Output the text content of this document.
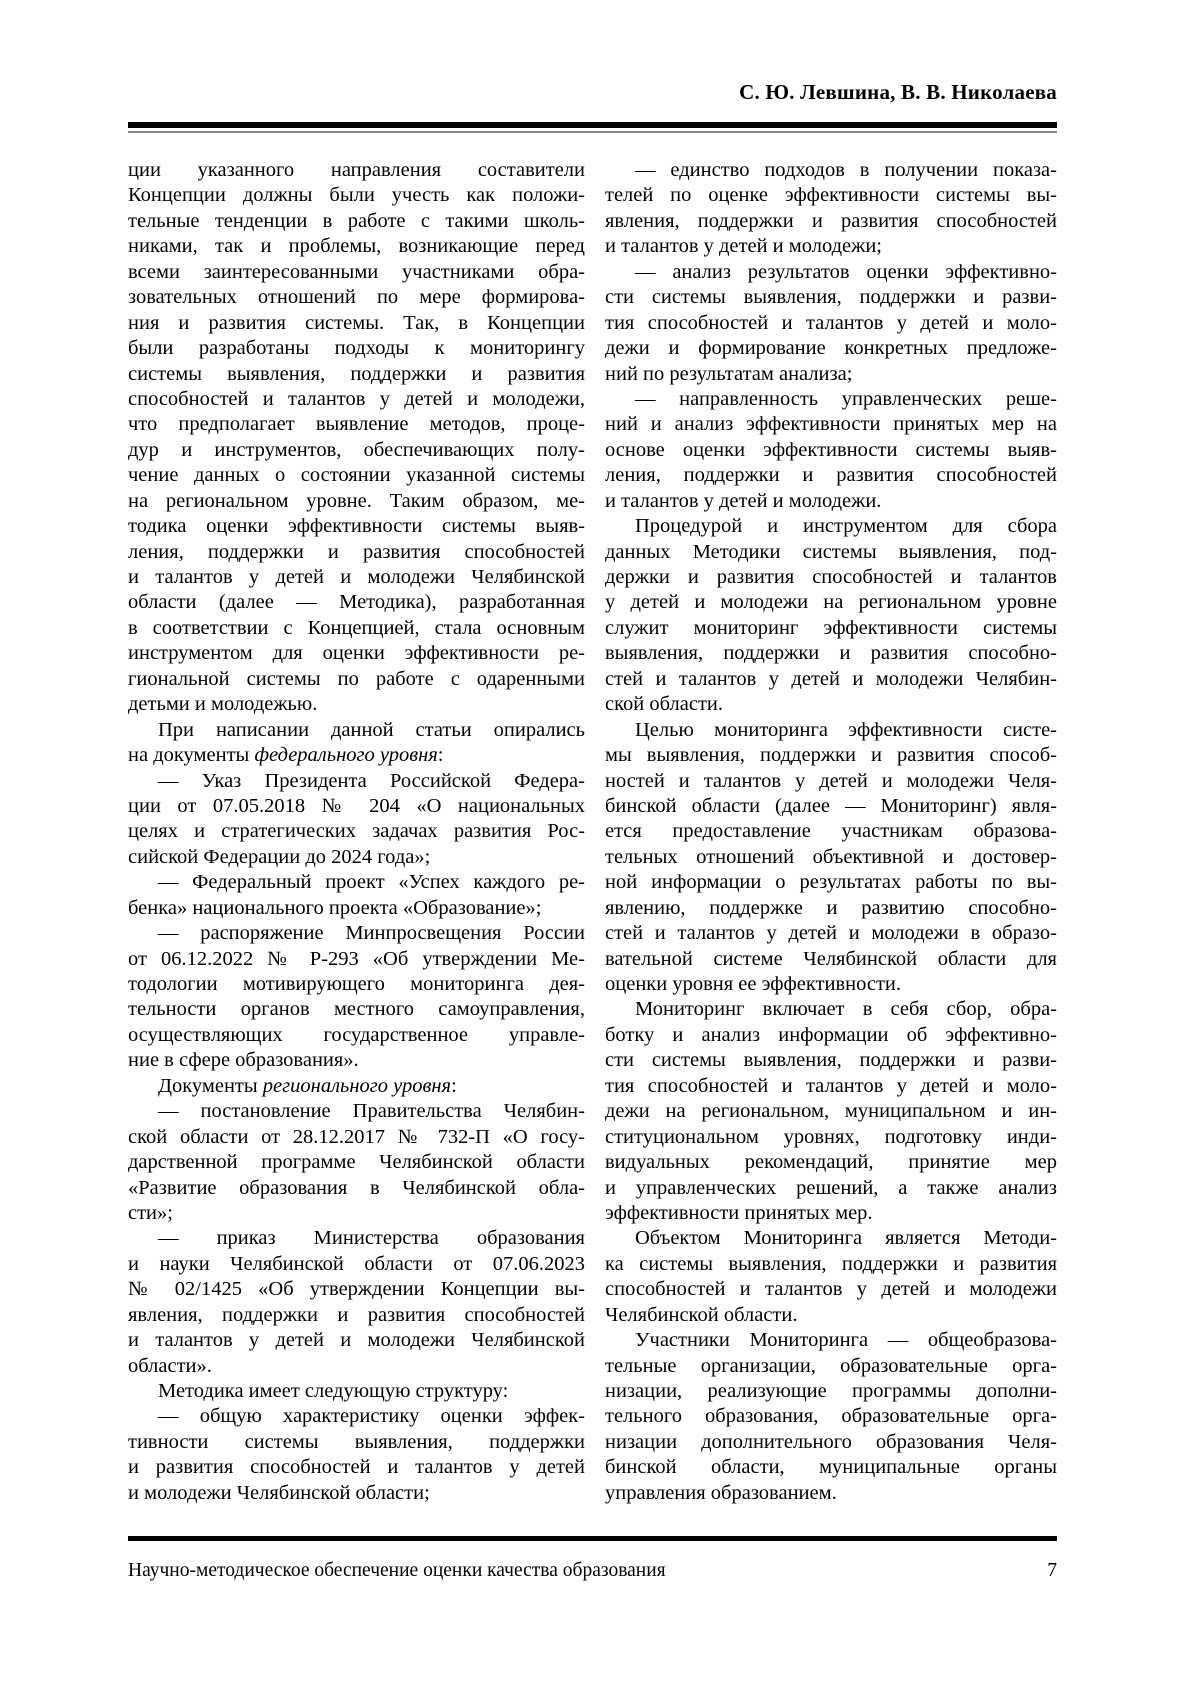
С. Ю. Левшина, В. В. Николаева
ции указанного направления составители
Концепции должны были учесть как положи-
тельные тенденции в работе с такими школь-
никами, так и проблемы, возникающие перед
всеми заинтересованными участниками обра-
зовательных отношений по мере формирова-
ния и развития системы. Так, в Концепции
были разработаны подходы к мониторингу
системы выявления, поддержки и развития
способностей и талантов у детей и молодежи,
что предполагает выявление методов, проце-
дур и инструментов, обеспечивающих полу-
чение данных о состоянии указанной системы
на региональном уровне. Таким образом, ме-
тодика оценки эффективности системы выяв-
ления, поддержки и развития способностей
и талантов у детей и молодежи Челябинской
области (далее — Методика), разработанная
в соответствии с Концепцией, стала основным
инструментом для оценки эффективности ре-
гиональной системы по работе с одаренными
детьми и молодежью.
При написании данной статьи опирались
на документы федерального уровня:
— Указ Президента Российской Федера-
ции от 07.05.2018 № 204 «О национальных
целях и стратегических задачах развития Рос-
сийской Федерации до 2024 года»;
— Федеральный проект «Успех каждого ре-
бенка» национального проекта «Образование»;
— распоряжение Минпросвещения России
от 06.12.2022 № Р-293 «Об утверждении Ме-
тодологии мотивирующего мониторинга дея-
тельности органов местного самоуправления,
осуществляющих государственное управле-
ние в сфере образования».
Документы регионального уровня:
— постановление Правительства Челябин-
ской области от 28.12.2017 № 732-П «О госу-
дарственной программе Челябинской области
«Развитие образования в Челябинской обла-
сти»;
— приказ Министерства образования
и науки Челябинской области от 07.06.2023
№ 02/1425 «Об утверждении Концепции вы-
явления, поддержки и развития способностей
и талантов у детей и молодежи Челябинской
области».
Методика имеет следующую структуру:
— общую характеристику оценки эффек-
тивности системы выявления, поддержки
и развития способностей и талантов у детей
и молодежи Челябинской области;
— единство подходов в получении показа-
телей по оценке эффективности системы вы-
явления, поддержки и развития способностей
и талантов у детей и молодежи;
— анализ результатов оценки эффективно-
сти системы выявления, поддержки и разви-
тия способностей и талантов у детей и моло-
дежи и формирование конкретных предложе-
ний по результатам анализа;
— направленность управленческих реше-
ний и анализ эффективности принятых мер на
основе оценки эффективности системы выяв-
ления, поддержки и развития способностей
и талантов у детей и молодежи.
Процедурой и инструментом для сбора
данных Методики системы выявления, под-
держки и развития способностей и талантов
у детей и молодежи на региональном уровне
служит мониторинг эффективности системы
выявления, поддержки и развития способно-
стей и талантов у детей и молодежи Челябин-
ской области.
Целью мониторинга эффективности систе-
мы выявления, поддержки и развития способ-
ностей и талантов у детей и молодежи Челя-
бинской области (далее — Мониторинг) явля-
ется предоставление участникам образова-
тельных отношений объективной и достовер-
ной информации о результатах работы по вы-
явлению, поддержке и развитию способно-
стей и талантов у детей и молодежи в образо-
вательной системе Челябинской области для
оценки уровня ее эффективности.
Мониторинг включает в себя сбор, обра-
ботку и анализ информации об эффективно-
сти системы выявления, поддержки и разви-
тия способностей и талантов у детей и моло-
дежи на региональном, муниципальном и ин-
ституциональном уровнях, подготовку инди-
видуальных рекомендаций, принятие мер
и управленческих решений, а также анализ
эффективности принятых мер.
Объектом Мониторинга является Методи-
ка системы выявления, поддержки и развития
способностей и талантов у детей и молодежи
Челябинской области.
Участники Мониторинга — общеобразова-
тельные организации, образовательные орга-
низации, реализующие программы дополни-
тельного образования, образовательные орга-
низации дополнительного образования Челя-
бинской области, муниципальные органы
управления образованием.
Научно-методическое обеспечение оценки качества образования	7
